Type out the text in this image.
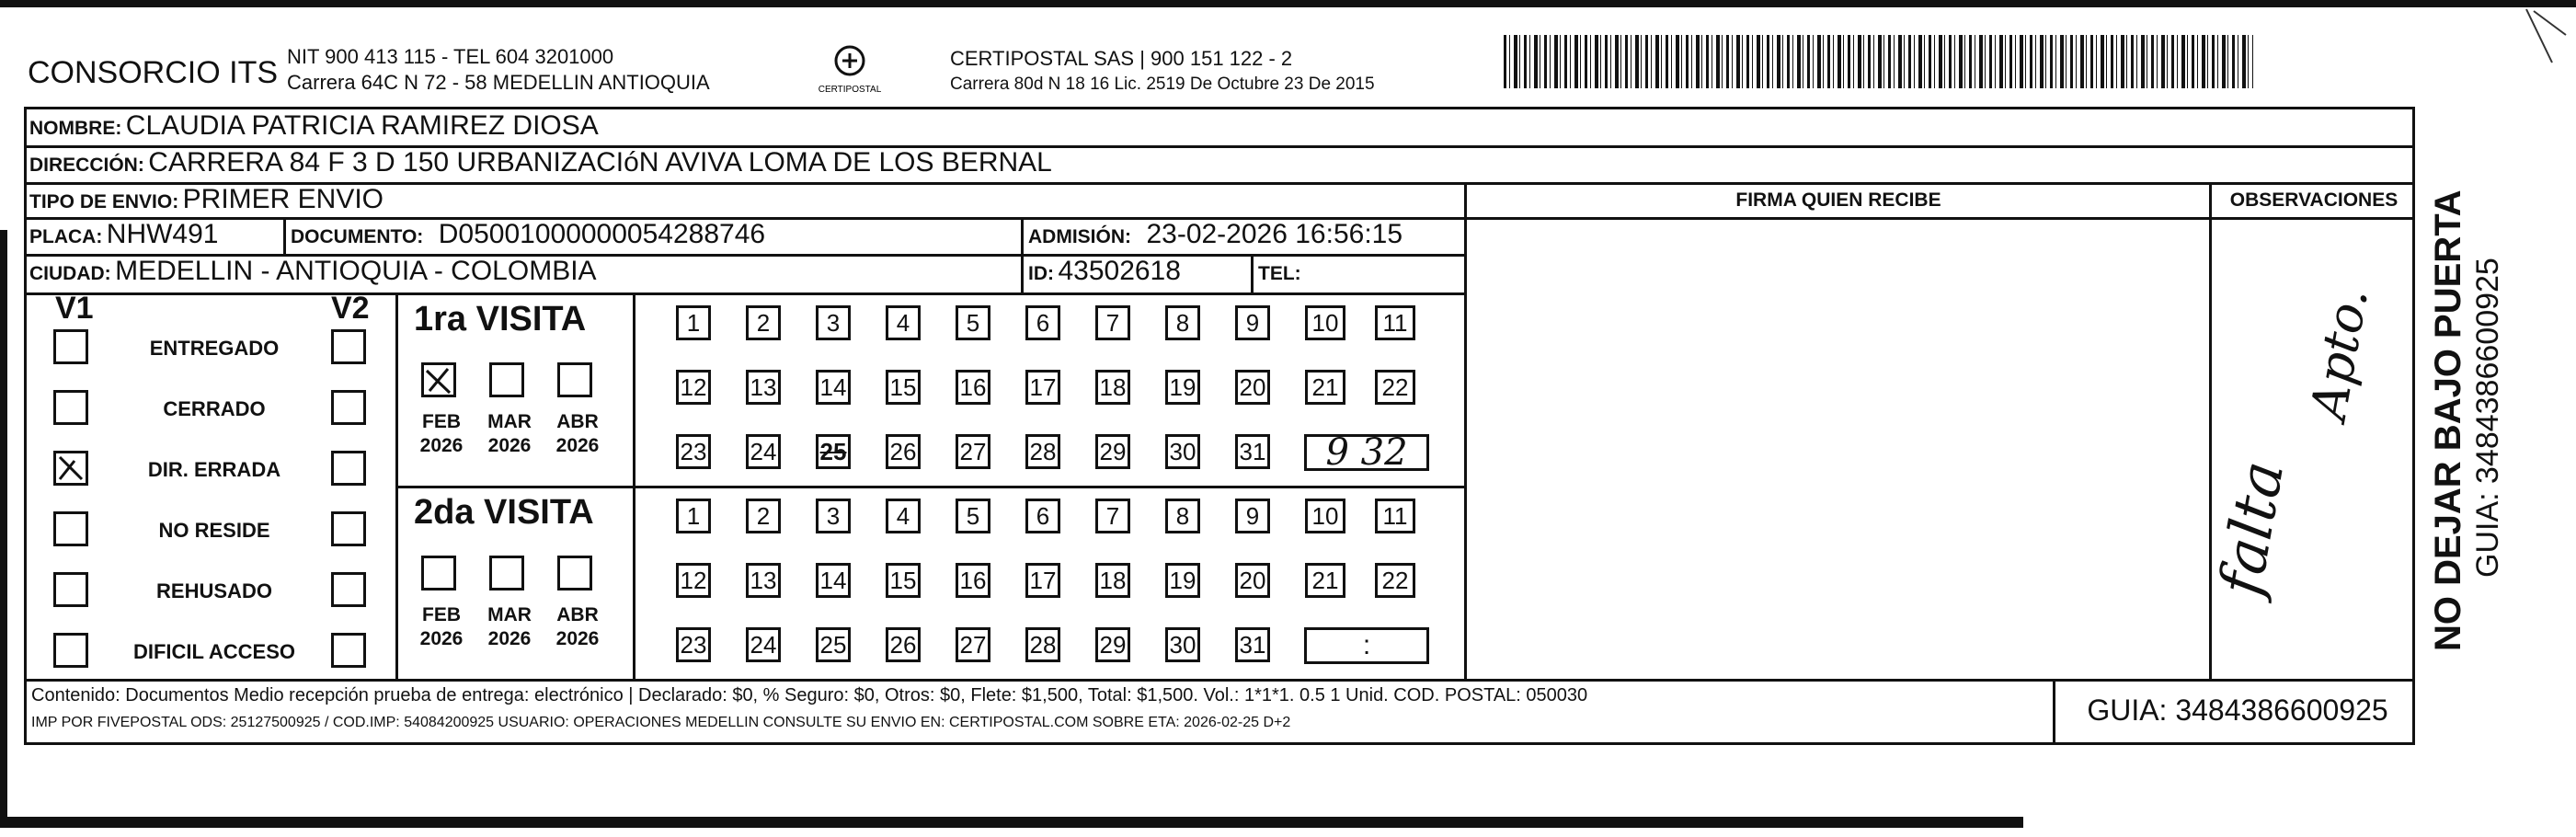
CONSORCIO ITS NIT 900 413 115 - TEL 604 3201000
Carrera 64C N 72 - 58 MEDELLIN ANTIOQUIA	CERTIPOSTAL
CERTIPOSTAL SAS | 900 151 122 - 2
Carrera 80d N 18 16 Lic. 2519 De Octubre 23 De 2015
NOMBRE: CLAUDIA PATRICIA RAMIREZ DIOSA
DIRECCIÓN: CARRERA 84 F 3 D 150 URBANIZACIóN AVIVA LOMA DE LOS BERNAL
TIPO DE ENVIO: PRIMER ENVIO	FIRMA QUIEN RECIBE	OBSERVACIONES
PLACA: NHW491	DOCUMENTO: D05001000000054288746	ADMISIÓN: 23-02-2026 16:56:15
CIUDAD: MEDELLIN - ANTIOQUIA - COLOMBIA	ID: 43502618	TEL:
V1	V2
ENTREGADO
CERRADO
DIR. ERRADA
NO RESIDE
REHUSADO
DIFICIL ACCESO
1ra VISITA
FEB
2026
MAR
2026
ABR
2026
1	2	3	4	5	6	7	8	9	10	11
12 13 14 15 16 17 18 19 20 21 22
23 24 25 26 27 28 29 30 31	9 32
2da VISITA
FEB
2026
MAR
2026
ABR
2026
1	2	3	4	5	6	7	8	9	10	11
12 13 14 15 16 17 18 19 20 21 22
23 24 25 26 27 28 29 30 31	:
Apto.
falta
Contenido: Documentos Medio recepción prueba de entrega: electrónico | Declarado: $0, % Seguro: $0, Otros: $0, Flete: $1,500, Total: $1,500. Vol.: 1*1*1. 0.5 1 Unid. COD. POSTAL: 050030
IMP POR FIVEPOSTAL ODS: 25127500925 / COD.IMP: 54084200925 USUARIO: OPERACIONES MEDELLIN CONSULTE SU ENVIO EN: CERTIPOSTAL.COM SOBRE ETA: 2026-02-25 D+2	GUIA: 3484386600925
NO DEJAR BAJO PUERTA GUIA: 3484386600925
